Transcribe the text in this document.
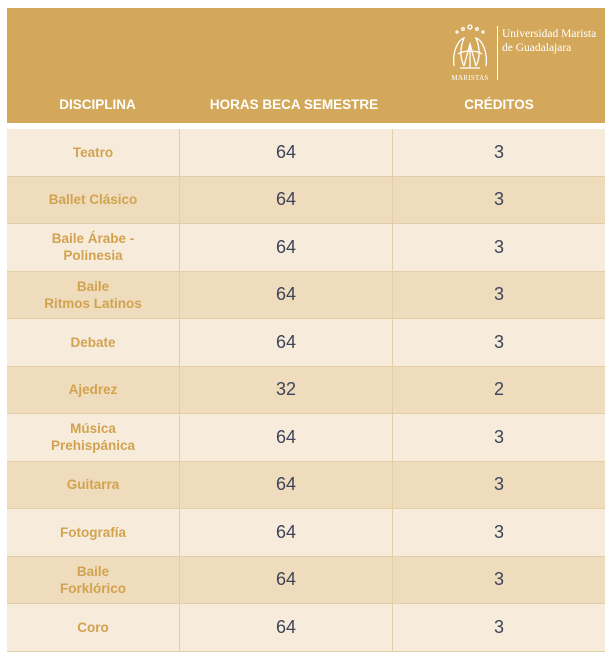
MARISTAS
Universidad Marista
de Guadalajara
DISCIPLINA	HORAS BECA SEMESTRE	CRÉDITOS
Teatro	64	3
Ballet Clásico	64	3
Baile Árabe -
Polinesia	64	3
Baile
Ritmos Latinos	64	3
Debate	64	3
Ajedrez	32	2
Música
Prehispánica	64	3
Guitarra	64	3
Fotografía	64	3
Baile
Forklórico	64	3
Coro	64	3
